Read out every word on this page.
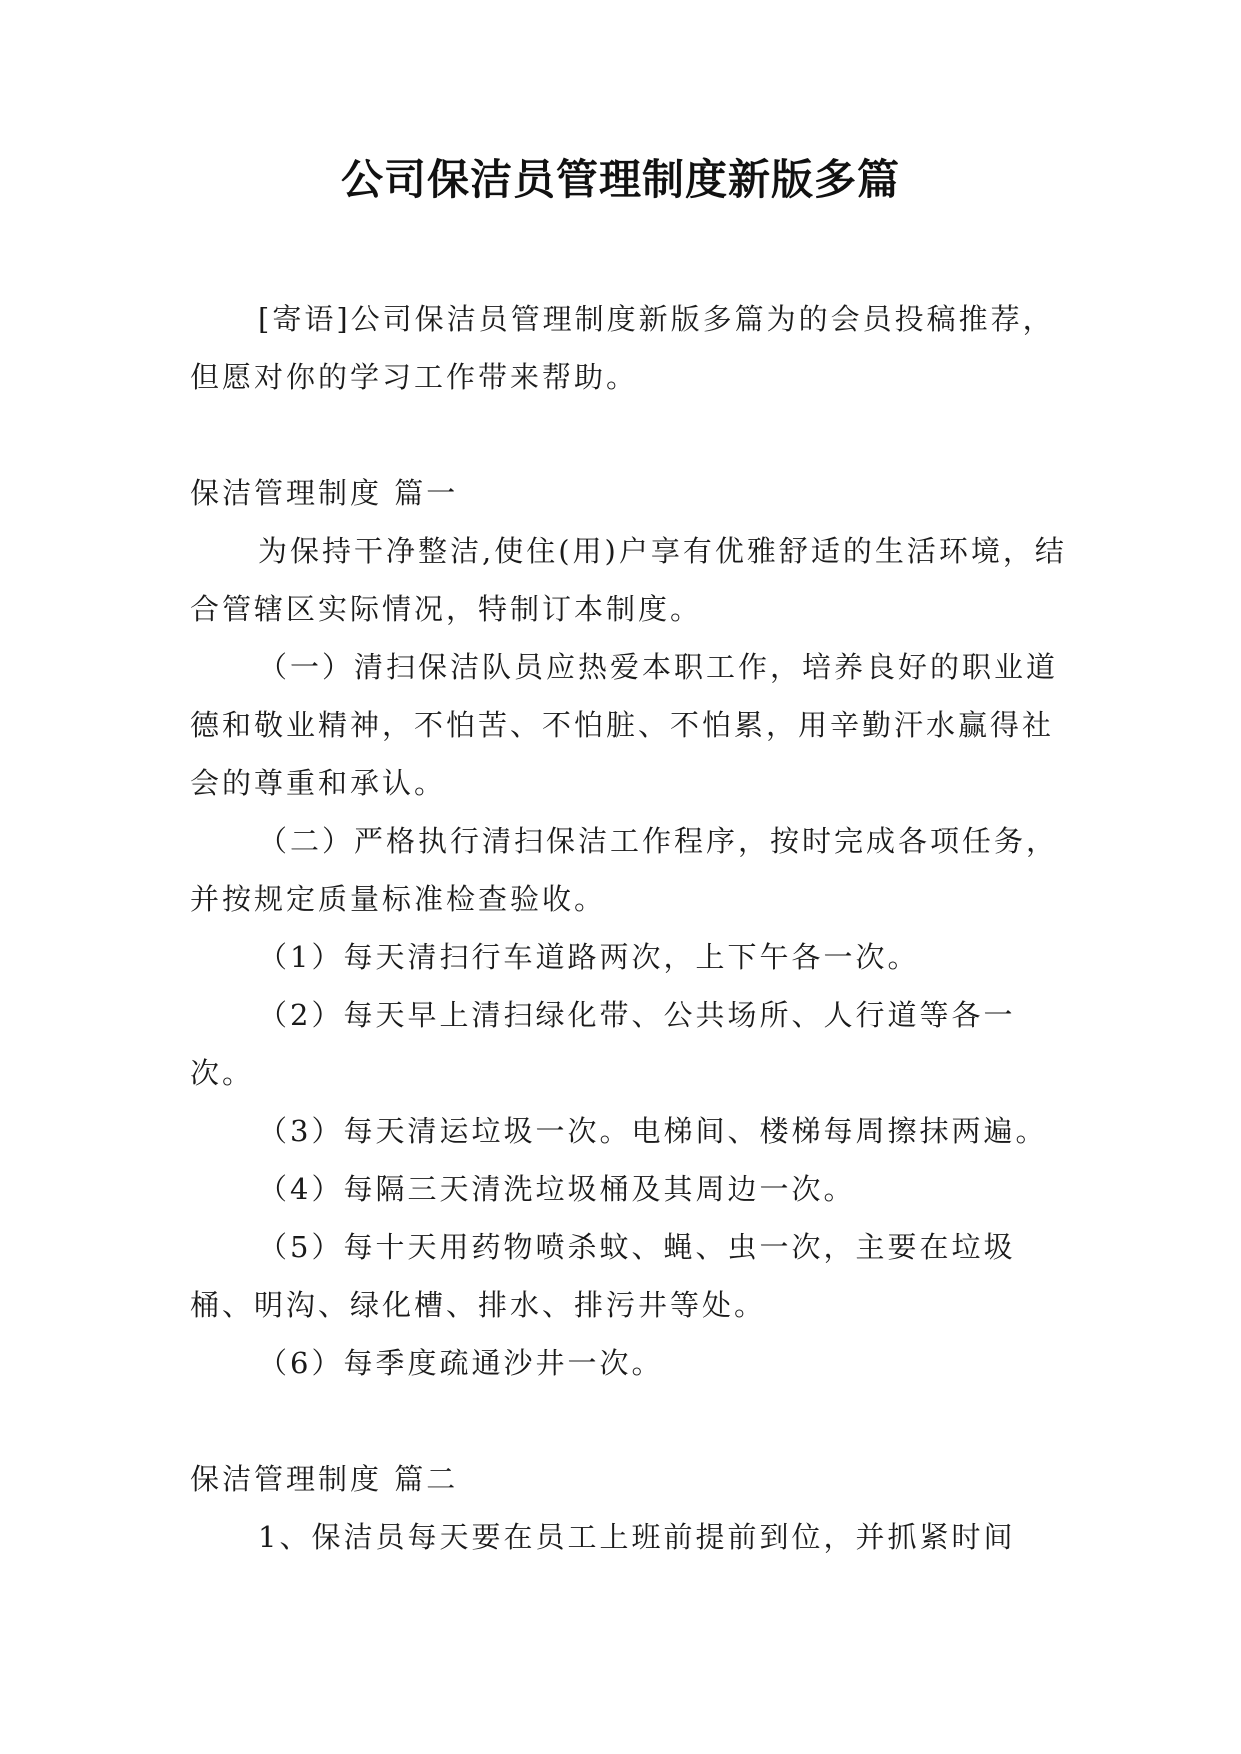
公司保洁员管理制度新版多篇

[寄语]公司保洁员管理制度新版多篇为的会员投稿推荐，但愿对你的学习工作带来帮助。

保洁管理制度 篇一

为保持干净整洁,使住(用)户享有优雅舒适的生活环境，结合管辖区实际情况，特制订本制度。

（一）清扫保洁队员应热爱本职工作，培养良好的职业道德和敬业精神，不怕苦、不怕脏、不怕累，用辛勤汗水赢得社会的尊重和承认。

（二）严格执行清扫保洁工作程序，按时完成各项任务，并按规定质量标准检查验收。

（1）每天清扫行车道路两次，上下午各一次。

（2）每天早上清扫绿化带、公共场所、人行道等各一次。

（3）每天清运垃圾一次。电梯间、楼梯每周擦抹两遍。

（4）每隔三天清洗垃圾桶及其周边一次。

（5）每十天用药物喷杀蚊、蝇、虫一次，主要在垃圾桶、明沟、绿化槽、排水、排污井等处。

（6）每季度疏通沙井一次。

保洁管理制度 篇二

1、保洁员每天要在员工上班前提前到位，并抓紧时间
